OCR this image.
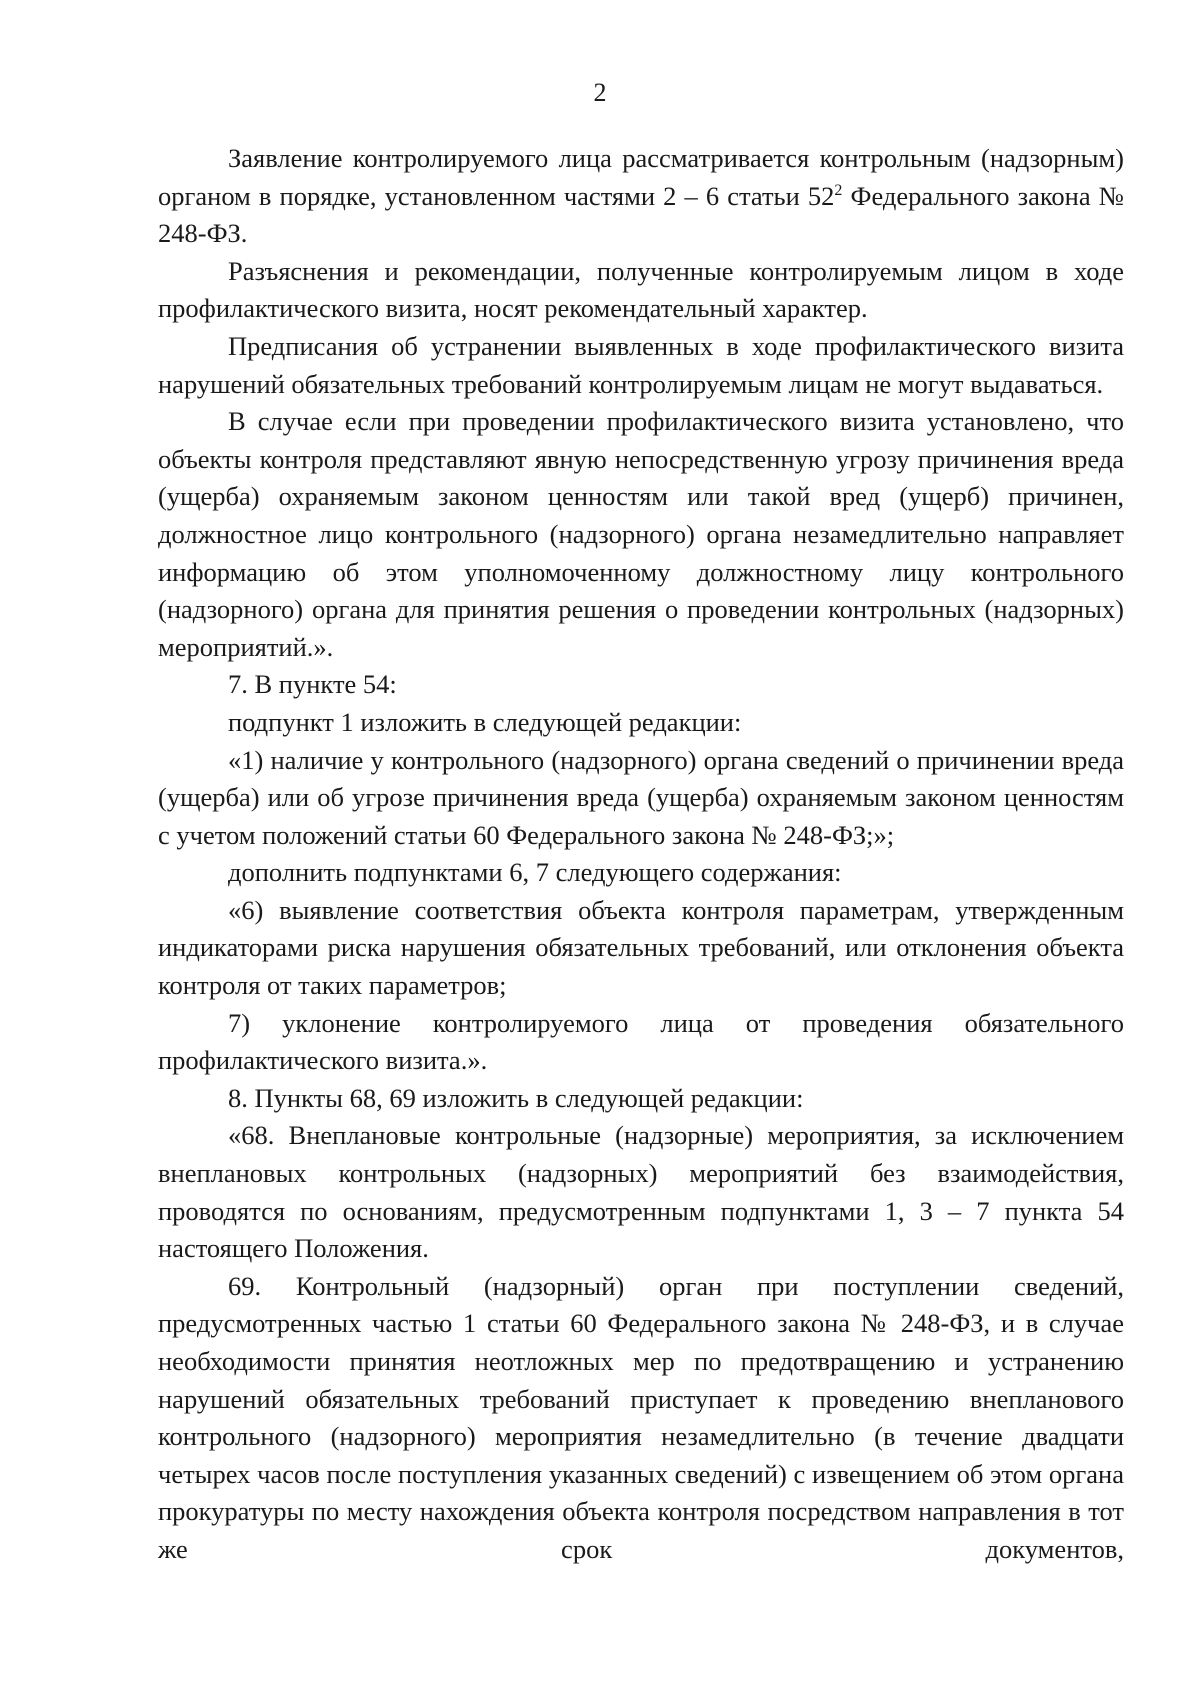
2

Заявление контролируемого лица рассматривается контрольным (надзорным) органом в порядке, установленном частями 2 – 6 статьи $52^2$ Федерального закона № 248-ФЗ.

Разъяснения и рекомендации, полученные контролируемым лицом в ходе профилактического визита, носят рекомендательный характер.

Предписания об устранении выявленных в ходе профилактического визита нарушений обязательных требований контролируемым лицам не могут выдаваться.

В случае если при проведении профилактического визита установлено, что объекты контроля представляют явную непосредственную угрозу причинения вреда (ущерба) охраняемым законом ценностям или такой вред (ущерб) причинен, должностное лицо контрольного (надзорного) органа незамедлительно направляет информацию об этом уполномоченному должностному лицу контрольного (надзорного) органа для принятия решения о проведении контрольных (надзорных) мероприятий.».

7. В пункте 54:

подпункт 1 изложить в следующей редакции:

«1) наличие у контрольного (надзорного) органа сведений о причинении вреда (ущерба) или об угрозе причинения вреда (ущерба) охраняемым законом ценностям с учетом положений статьи 60 Федерального закона № 248-ФЗ;»;

дополнить подпунктами 6, 7 следующего содержания:

«6) выявление соответствия объекта контроля параметрам, утвержденным индикаторами риска нарушения обязательных требований, или отклонения объекта контроля от таких параметров;

7) уклонение контролируемого лица от проведения обязательного профилактического визита.».

8. Пункты 68, 69 изложить в следующей редакции:

«68. Внеплановые контрольные (надзорные) мероприятия, за исключением внеплановых контрольных (надзорных) мероприятий без взаимодействия, проводятся по основаниям, предусмотренным подпунктами 1, 3 – 7 пункта 54 настоящего Положения.

69. Контрольный (надзорный) орган при поступлении сведений, предусмотренных частью 1 статьи 60 Федерального закона № 248-ФЗ, и в случае необходимости принятия неотложных мер по предотвращению и устранению нарушений обязательных требований приступает к проведению внепланового контрольного (надзорного) мероприятия незамедлительно (в течение двадцати четырех часов после поступления указанных сведений) с извещением об этом органа прокуратуры по месту нахождения объекта контроля посредством направления в тот же срок документов,
